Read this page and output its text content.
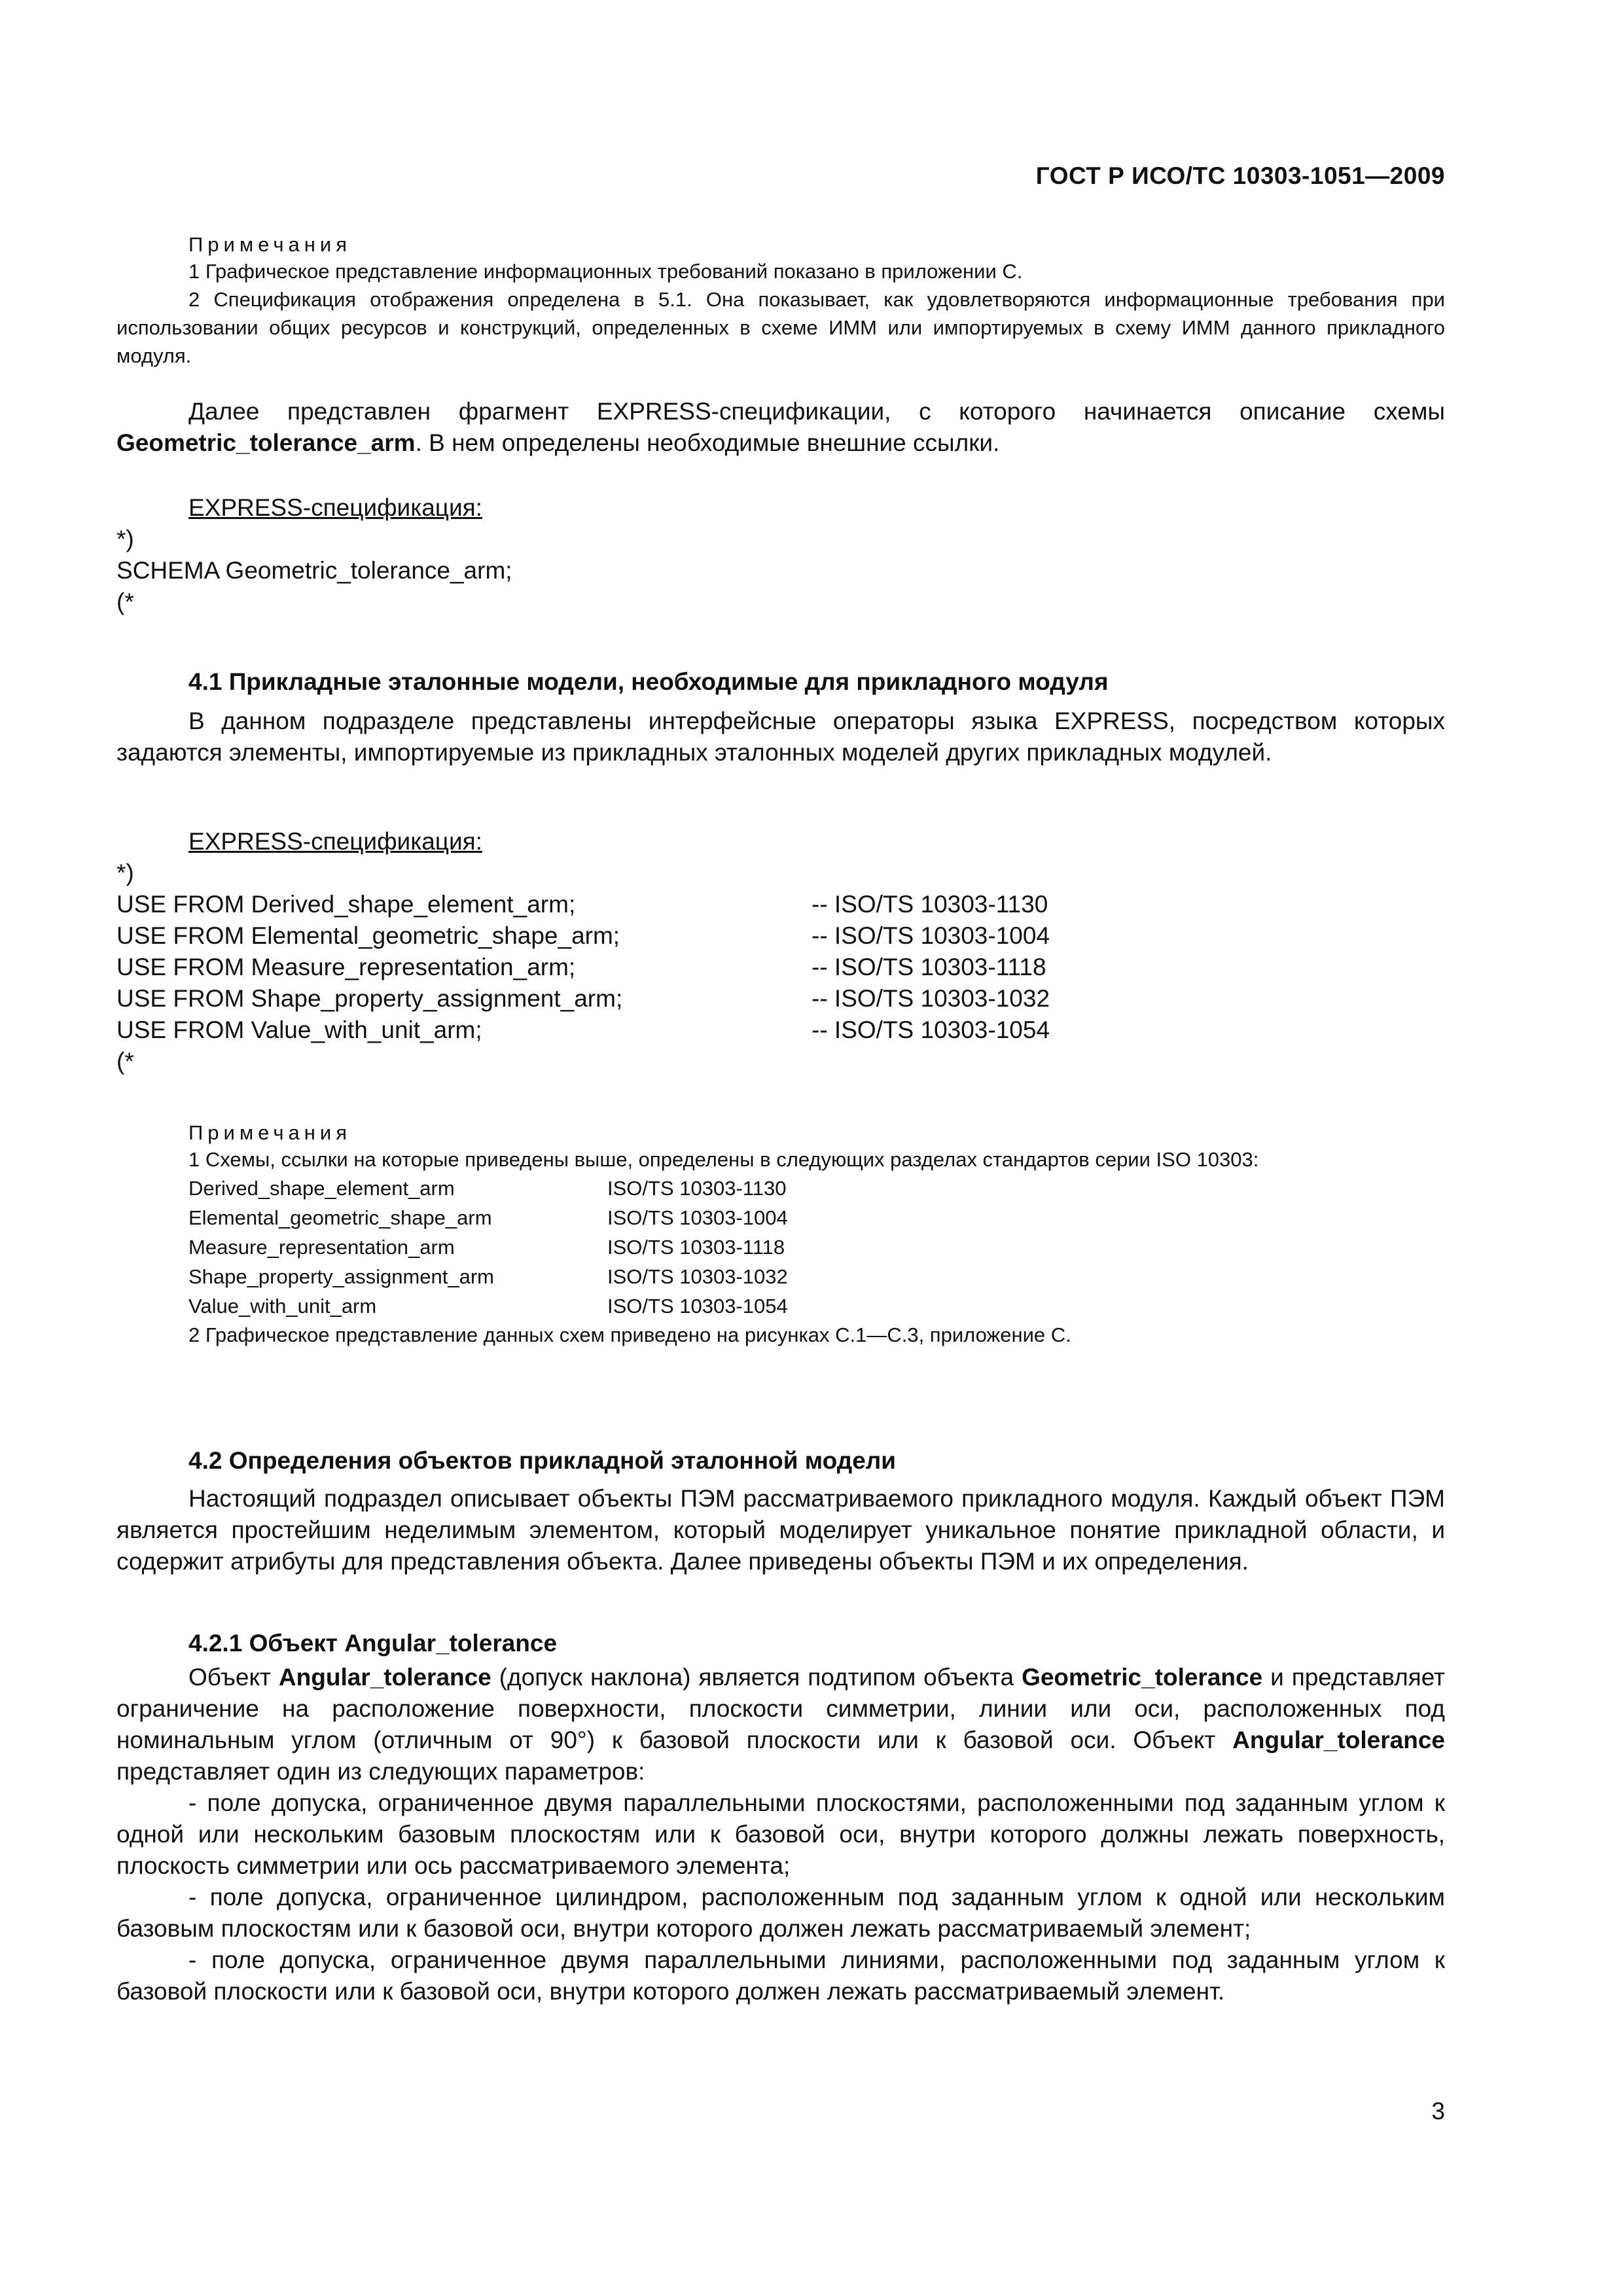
ГОСТ Р ИСО/ТС 10303-1051—2009
Примечания
1 Графическое представление информационных требований показано в приложении С.
2 Спецификация отображения определена в 5.1. Она показывает, как удовлетворяются информационные требования при использовании общих ресурсов и конструкций, определенных в схеме ИММ или импортируемых в схему ИММ данного прикладного модуля.

Далее представлен фрагмент EXPRESS-спецификации, с которого начинается описание схемы Geometric_tolerance_arm. В нем определены необходимые внешние ссылки.

EXPRESS-спецификация:
*)
SCHEMA Geometric_tolerance_arm;
(*
4.1 Прикладные эталонные модели, необходимые для прикладного модуля

В данном подразделе представлены интерфейсные операторы языка EXPRESS, посредством которых задаются элементы, импортируемые из прикладных эталонных моделей других прикладных модулей.

EXPRESS-спецификация:
*)
USE FROM Derived_shape_element_arm;	-- ISO/TS 10303-1130
USE FROM Elemental_geometric_shape_arm;	-- ISO/TS 10303-1004
USE FROM Measure_representation_arm;	-- ISO/TS 10303-1118
USE FROM Shape_property_assignment_arm;	-- ISO/TS 10303-1032
USE FROM Value_with_unit_arm;	-- ISO/TS 10303-1054
(*
Примечания
1 Схемы, ссылки на которые приведены выше, определены в следующих разделах стандартов серии ISO 10303:
Derived_shape_element_arm	ISO/TS 10303-1130
Elemental_geometric_shape_arm	ISO/TS 10303-1004
Measure_representation_arm	ISO/TS 10303-1118
Shape_property_assignment_arm	ISO/TS 10303-1032
Value_with_unit_arm	ISO/TS 10303-1054
2 Графическое представление данных схем приведено на рисунках С.1—С.3, приложение С.
4.2 Определения объектов прикладной эталонной модели

Настоящий подраздел описывает объекты ПЭМ рассматриваемого прикладного модуля. Каждый объект ПЭМ является простейшим неделимым элементом, который моделирует уникальное понятие прикладной области, и содержит атрибуты для представления объекта. Далее приведены объекты ПЭМ и их определения.

4.2.1 Объект Angular_tolerance

Объект Angular_tolerance (допуск наклона) является подтипом объекта Geometric_tolerance и представляет ограничение на расположение поверхности, плоскости симметрии, линии или оси, расположенных под номинальным углом (отличным от 90°) к базовой плоскости или к базовой оси. Объект Angular_tolerance представляет один из следующих параметров:

- поле допуска, ограниченное двумя параллельными плоскостями, расположенными под заданным углом к одной или нескольким базовым плоскостям или к базовой оси, внутри которого должны лежать поверхность, плоскость симметрии или ось рассматриваемого элемента;

- поле допуска, ограниченное цилиндром, расположенным под заданным углом к одной или нескольким базовым плоскостям или к базовой оси, внутри которого должен лежать рассматриваемый элемент;

- поле допуска, ограниченное двумя параллельными линиями, расположенными под заданным углом к базовой плоскости или к базовой оси, внутри которого должен лежать рассматриваемый элемент.

3
